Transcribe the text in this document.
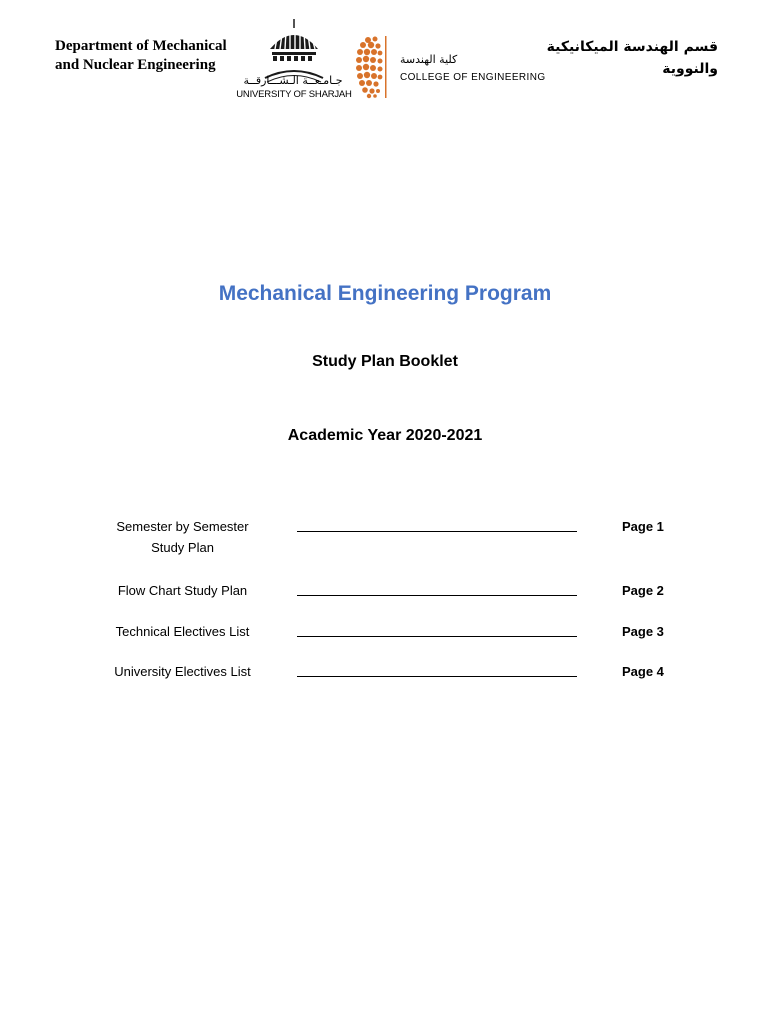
Department of Mechanical
and Nuclear Engineering
جـامـعــة الـشـــارقــة
UNIVERSITY OF SHARJAH
كلية الهندسة
COLLEGE OF ENGINEERING
قسم الهندسة الميكانيكية
والنووية
Mechanical Engineering Program
Study Plan Booklet
Academic Year 2020-2021
Semester by Semester
Study Plan
Page 1
Flow Chart Study Plan	Page 2
Technical Electives List	Page 3
University Electives List	Page 4
